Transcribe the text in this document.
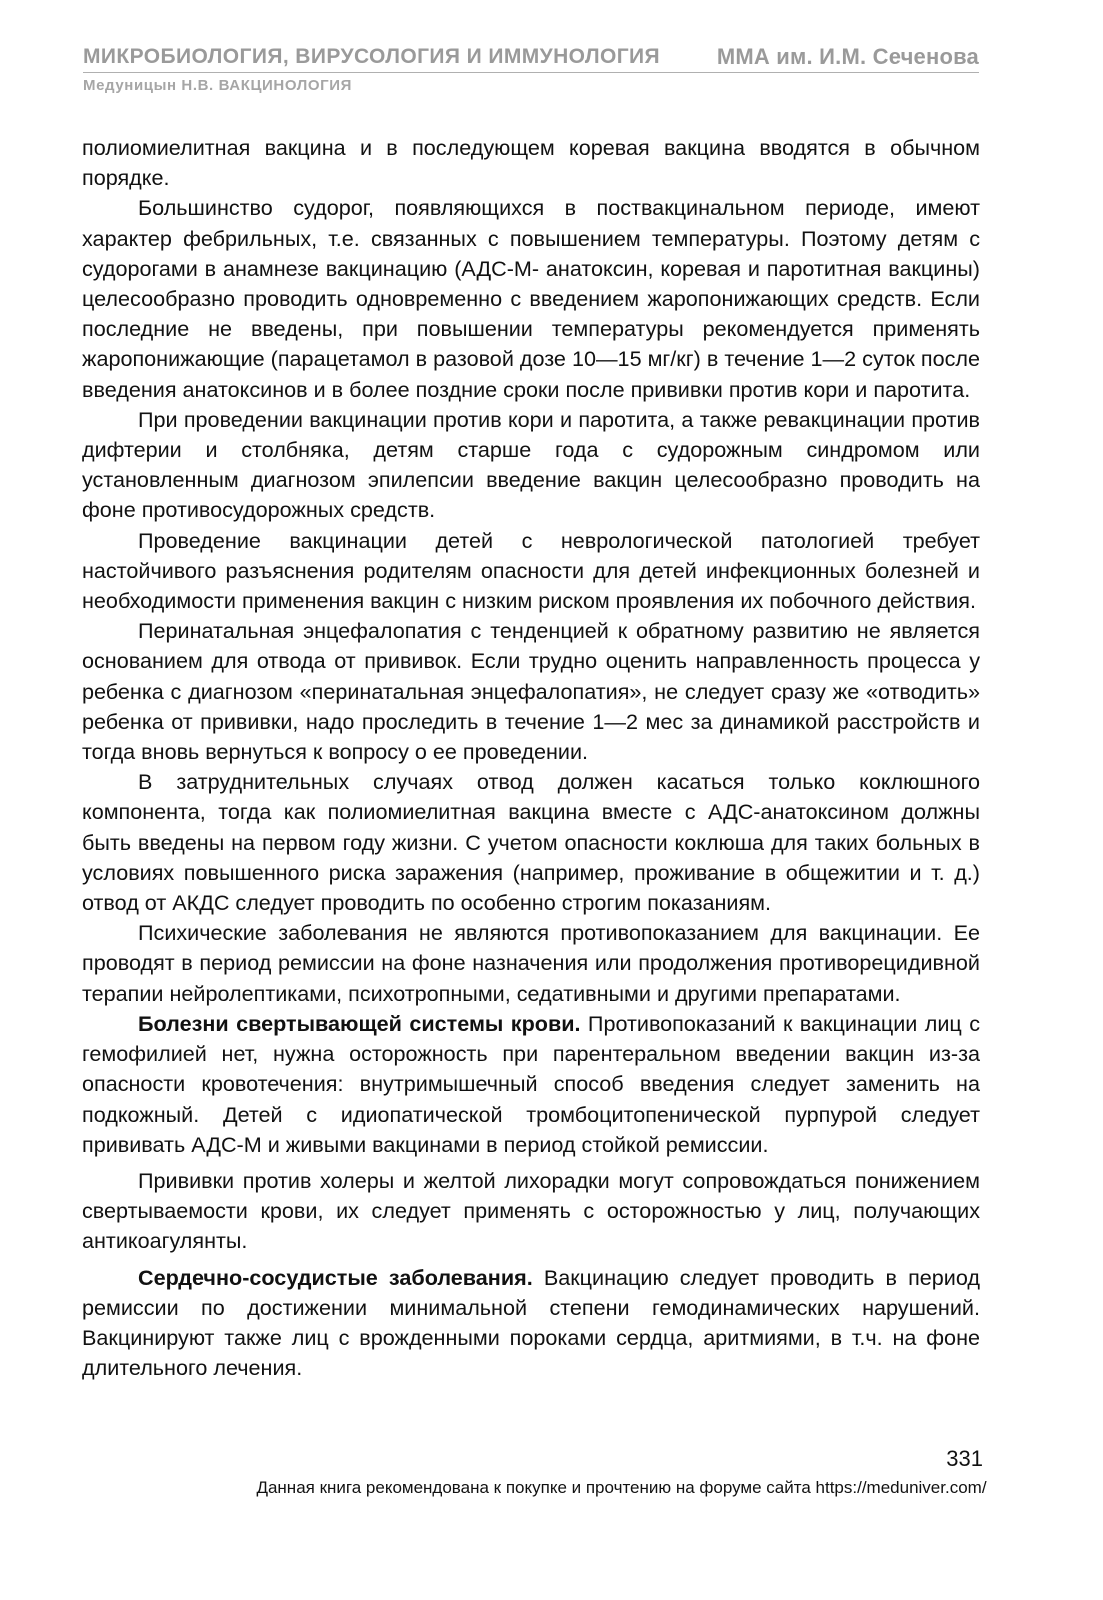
МИКРОБИОЛОГИЯ, ВИРУСОЛОГИЯ И ИММУНОЛОГИЯ	ММА им. И.М. Сеченова
Медуницын Н.В. ВАКЦИНОЛОГИЯ

полиомиелитная вакцина и в последующем коревая вакцина вводятся в обычном порядке.

Большинство судорог, появляющихся в поствакцинальном периоде, имеют характер фебрильных, т.е. связанных с повышением температуры. Поэтому детям с судорогами в анамнезе вакцинацию (АДС-М- анатоксин, коревая и паротитная вакцины) целесообразно проводить одновременно с введением жаропонижающих средств. Если последние не введены, при повышении температуры рекомендуется применять жаропонижающие (парацетамол в разовой дозе 10—15 мг/кг) в течение 1—2 суток после введения анатоксинов и в более поздние сроки после прививки против кори и паротита.

При проведении вакцинации против кори и паротита, а также ревакцинации против дифтерии и столбняка, детям старше года с судорожным синдромом или установленным диагнозом эпилепсии введение вакцин целесообразно проводить на фоне противосудорожных средств.

Проведение вакцинации детей с неврологической патологией требует настойчивого разъяснения родителям опасности для детей инфекционных болезней и необходимости применения вакцин с низким риском проявления их побочного действия.

Перинатальная энцефалопатия с тенденцией к обратному развитию не является основанием для отвода от прививок. Если трудно оценить направленность процесса у ребенка с диагнозом «перинатальная энцефалопатия», не следует сразу же «отводить» ребенка от прививки, надо проследить в течение 1—2 мес за динамикой расстройств и тогда вновь вернуться к вопросу о ее проведении.

В затруднительных случаях отвод должен касаться только коклюшного компонента, тогда как полиомиелитная вакцина вместе с АДС-анатоксином должны быть введены на первом году жизни. С учетом опасности коклюша для таких больных в условиях повышенного риска заражения (например, проживание в общежитии и т. д.) отвод от АКДС следует проводить по особенно строгим показаниям.

Психические заболевания не являются противопоказанием для вакцинации. Ее проводят в период ремиссии на фоне назначения или продолжения противорецидивной терапии нейролептиками, психотропными, седативными и другими препаратами.

Болезни свертывающей системы крови. Противопоказаний к вакцинации лиц с гемофилией нет, нужна осторожность при парентеральном введении вакцин из-за опасности кровотечения: внутримышечный способ введения следует заменить на подкожный. Детей с идиопатической тромбоцитопенической пурпурой следует прививать АДС-М и живыми вакцинами в период стойкой ремиссии.

Прививки против холеры и желтой лихорадки могут сопровождаться понижением свертываемости крови, их следует применять с осторожностью у лиц, получающих антикоагулянты.

Сердечно-сосудистые заболевания. Вакцинацию следует проводить в период ремиссии по достижении минимальной степени гемодинамических нарушений. Вакцинируют также лиц с врожденными пороками сердца, аритмиями, в т.ч. на фоне длительного лечения.

331
Данная книга рекомендована к покупке и прочтению на форуме сайта https://meduniver.com/
